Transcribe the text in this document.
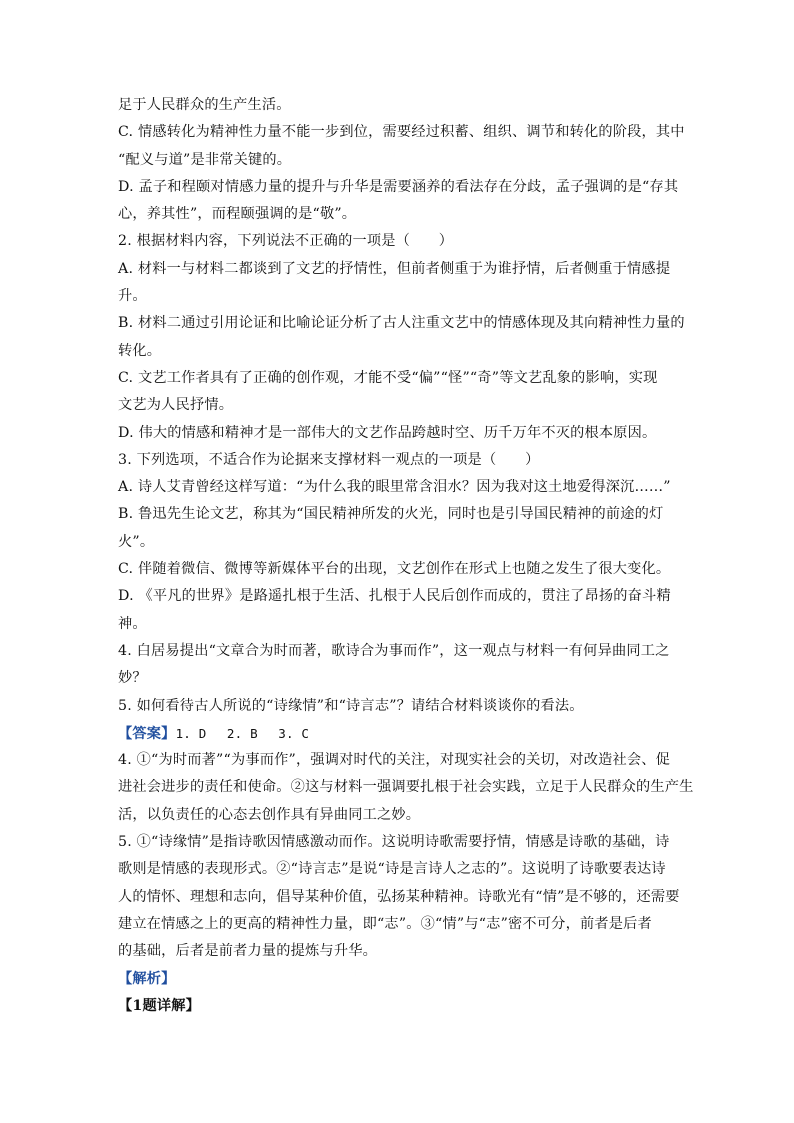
足于人民群众的生产生活。
C. 情感转化为精神性力量不能一步到位，需要经过积蓄、组织、调节和转化的阶段，其中
“配义与道”是非常关键的。
D. 孟子和程颐对情感力量的提升与升华是需要涵养的看法存在分歧，孟子强调的是“存其
心，养其性”，而程颐强调的是“敬”。
2. 根据材料内容，下列说法不正确的一项是（　　）
A. 材料一与材料二都谈到了文艺的抒情性，但前者侧重于为谁抒情，后者侧重于情感提
升。
B. 材料二通过引用论证和比喻论证分析了古人注重文艺中的情感体现及其向精神性力量的
转化。
C. 文艺工作者具有了正确的创作观，才能不受“偏”“怪”“奇”等文艺乱象的影响，实现
文艺为人民抒情。
D. 伟大的情感和精神才是一部伟大的文艺作品跨越时空、历千万年不灭的根本原因。
3. 下列选项，不适合作为论据来支撑材料一观点的一项是（　　）
A. 诗人艾青曾经这样写道：“为什么我的眼里常含泪水？因为我对这土地爱得深沉……”
B. 鲁迅先生论文艺，称其为“国民精神所发的火光，同时也是引导国民精神的前途的灯
火”。
C. 伴随着微信、微博等新媒体平台的出现，文艺创作在形式上也随之发生了很大变化。
D. 《平凡的世界》是路遥扎根于生活、扎根于人民后创作而成的，贯注了昂扬的奋斗精
神。
4. 白居易提出“文章合为时而著，歌诗合为事而作”，这一观点与材料一有何异曲同工之
妙？
5. 如何看待古人所说的“诗缘情”和“诗言志”？请结合材料谈谈你的看法。
【答案】1. D　 2. B　 3. C
4. ①“为时而著”“为事而作”，强调对时代的关注，对现实社会的关切，对改造社会、促
进社会进步的责任和使命。②这与材料一强调要扎根于社会实践，立足于人民群众的生产生
活，以负责任的心态去创作具有异曲同工之妙。
5. ①“诗缘情”是指诗歌因情感激动而作。这说明诗歌需要抒情，情感是诗歌的基础，诗
歌则是情感的表现形式。②“诗言志”是说“诗是言诗人之志的”。这说明了诗歌要表达诗
人的情怀、理想和志向，倡导某种价值，弘扬某种精神。诗歌光有“情”是不够的，还需要
建立在情感之上的更高的精神性力量，即“志”。③“情”与“志”密不可分，前者是后者
的基础，后者是前者力量的提炼与升华。
【解析】
【1题详解】
